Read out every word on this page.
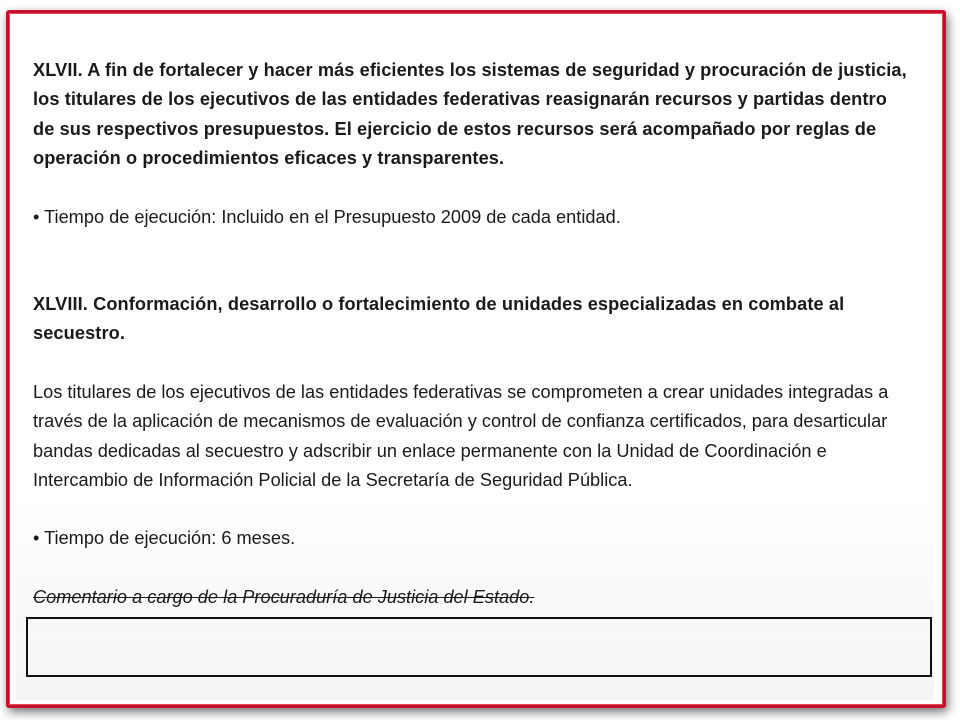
XLVII. A fin de fortalecer y hacer más eficientes los sistemas de seguridad y procuración de justicia, los titulares de los ejecutivos de las entidades federativas reasignarán recursos y partidas dentro de sus respectivos presupuestos. El ejercicio de estos recursos será acompañado por reglas de operación o procedimientos eficaces y transparentes.

• Tiempo de ejecución: Incluido en el Presupuesto 2009 de cada entidad.

XLVIII. Conformación, desarrollo o fortalecimiento de unidades especializadas en combate al secuestro.

Los titulares de los ejecutivos de las entidades federativas se comprometen a crear unidades integradas a través de la aplicación de mecanismos de evaluación y control de confianza certificados, para desarticular bandas dedicadas al secuestro y adscribir un enlace permanente con la Unidad de Coordinación e Intercambio de Información Policial de la Secretaría de Seguridad Pública.

• Tiempo de ejecución: 6 meses.

Comentario a cargo de la Procuraduría de Justicia del Estado.
